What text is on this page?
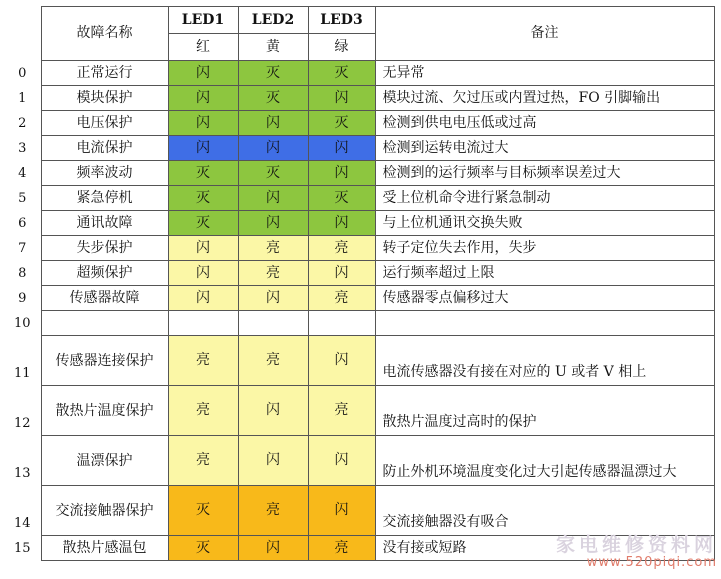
	故障名称	LED1	LED2	LED3	备注
		红	黄	绿	
0	正常运行	闪	灭	灭	无异常
1	模块保护	闪	灭	闪	模块过流、欠过压或内置过热，FO 引脚输出
2	电压保护	闪	闪	灭	检测到供电电压低或过高
3	电流保护	闪	闪	闪	检测到运转电流过大
4	频率波动	灭	灭	闪	检测到的运行频率与目标频率误差过大
5	紧急停机	灭	闪	灭	受上位机命令进行紧急制动
6	通讯故障	灭	闪	闪	与上位机通讯交换失败
7	失步保护	闪	亮	亮	转子定位失去作用，失步
8	超频保护	闪	亮	闪	运行频率超过上限
9	传感器故障	闪	闪	亮	传感器零点偏移过大
10					
11	传感器连接保护	亮	亮	闪	电流传感器没有接在对应的 U 或者 V 相上
12	散热片温度保护	亮	闪	亮	散热片温度过高时的保护
13	温漂保护	亮	闪	闪	防止外机环境温度变化过大引起传感器温漂过大
14	交流接触器保护	灭	亮	闪	交流接触器没有吸合
15	散热片感温包	灭	闪	亮	没有接或短路	家电维修资料网
www.520piqi.com
